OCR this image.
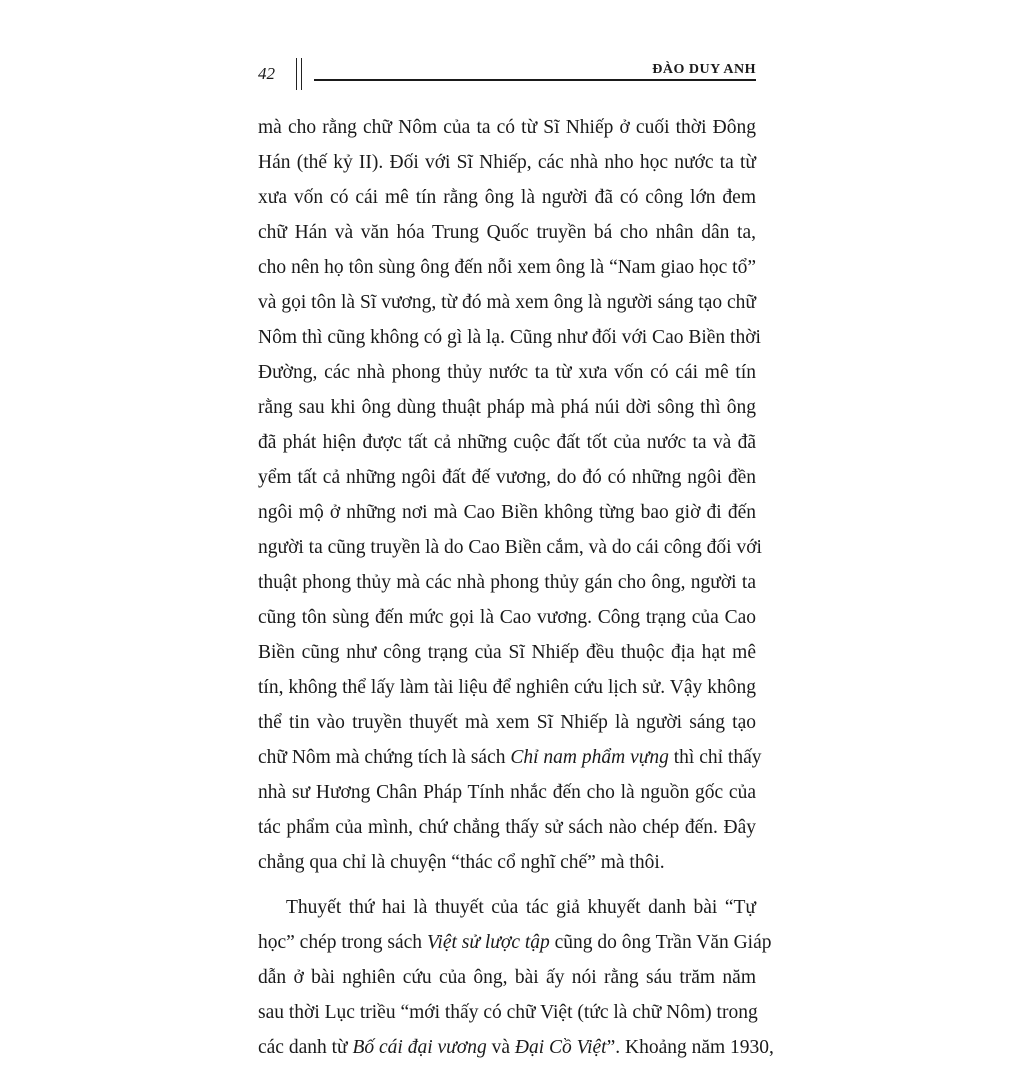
42	ĐÀO DUY ANH
mà cho rằng chữ Nôm của ta có từ Sĩ Nhiếp ở cuối thời Đông
Hán (thế kỷ II). Đối với Sĩ Nhiếp, các nhà nho học nước ta từ
xưa vốn có cái mê tín rằng ông là người đã có công lớn đem
chữ Hán và văn hóa Trung Quốc truyền bá cho nhân dân ta,
cho nên họ tôn sùng ông đến nỗi xem ông là “Nam giao học tổ”
và gọi tôn là Sĩ vương, từ đó mà xem ông là người sáng tạo chữ
Nôm thì cũng không có gì là lạ. Cũng như đối với Cao Biền thời
Đường, các nhà phong thủy nước ta từ xưa vốn có cái mê tín
rằng sau khi ông dùng thuật pháp mà phá núi dời sông thì ông
đã phát hiện được tất cả những cuộc đất tốt của nước ta và đã
yểm tất cả những ngôi đất đế vương, do đó có những ngôi đền
ngôi mộ ở những nơi mà Cao Biền không từng bao giờ đi đến
người ta cũng truyền là do Cao Biền cắm, và do cái công đối với
thuật phong thủy mà các nhà phong thủy gán cho ông, người ta
cũng tôn sùng đến mức gọi là Cao vương. Công trạng của Cao
Biền cũng như công trạng của Sĩ Nhiếp đều thuộc địa hạt mê
tín, không thể lấy làm tài liệu để nghiên cứu lịch sử. Vậy không
thể tin vào truyền thuyết mà xem Sĩ Nhiếp là người sáng tạo
chữ Nôm mà chứng tích là sách Chỉ nam phẩm vựng thì chỉ thấy
nhà sư Hương Chân Pháp Tính nhắc đến cho là nguồn gốc của
tác phẩm của mình, chứ chẳng thấy sử sách nào chép đến. Đây
chẳng qua chỉ là chuyện “thác cổ nghĩ chế” mà thôi.
Thuyết thứ hai là thuyết của tác giả khuyết danh bài “Tự
học” chép trong sách Việt sử lược tập cũng do ông Trần Văn Giáp
dẫn ở bài nghiên cứu của ông, bài ấy nói rằng sáu trăm năm
sau thời Lục triều “mới thấy có chữ Việt (tức là chữ Nôm) trong
các danh từ Bố cái đại vương và Đại Cồ Việt”. Khoảng năm 1930,
